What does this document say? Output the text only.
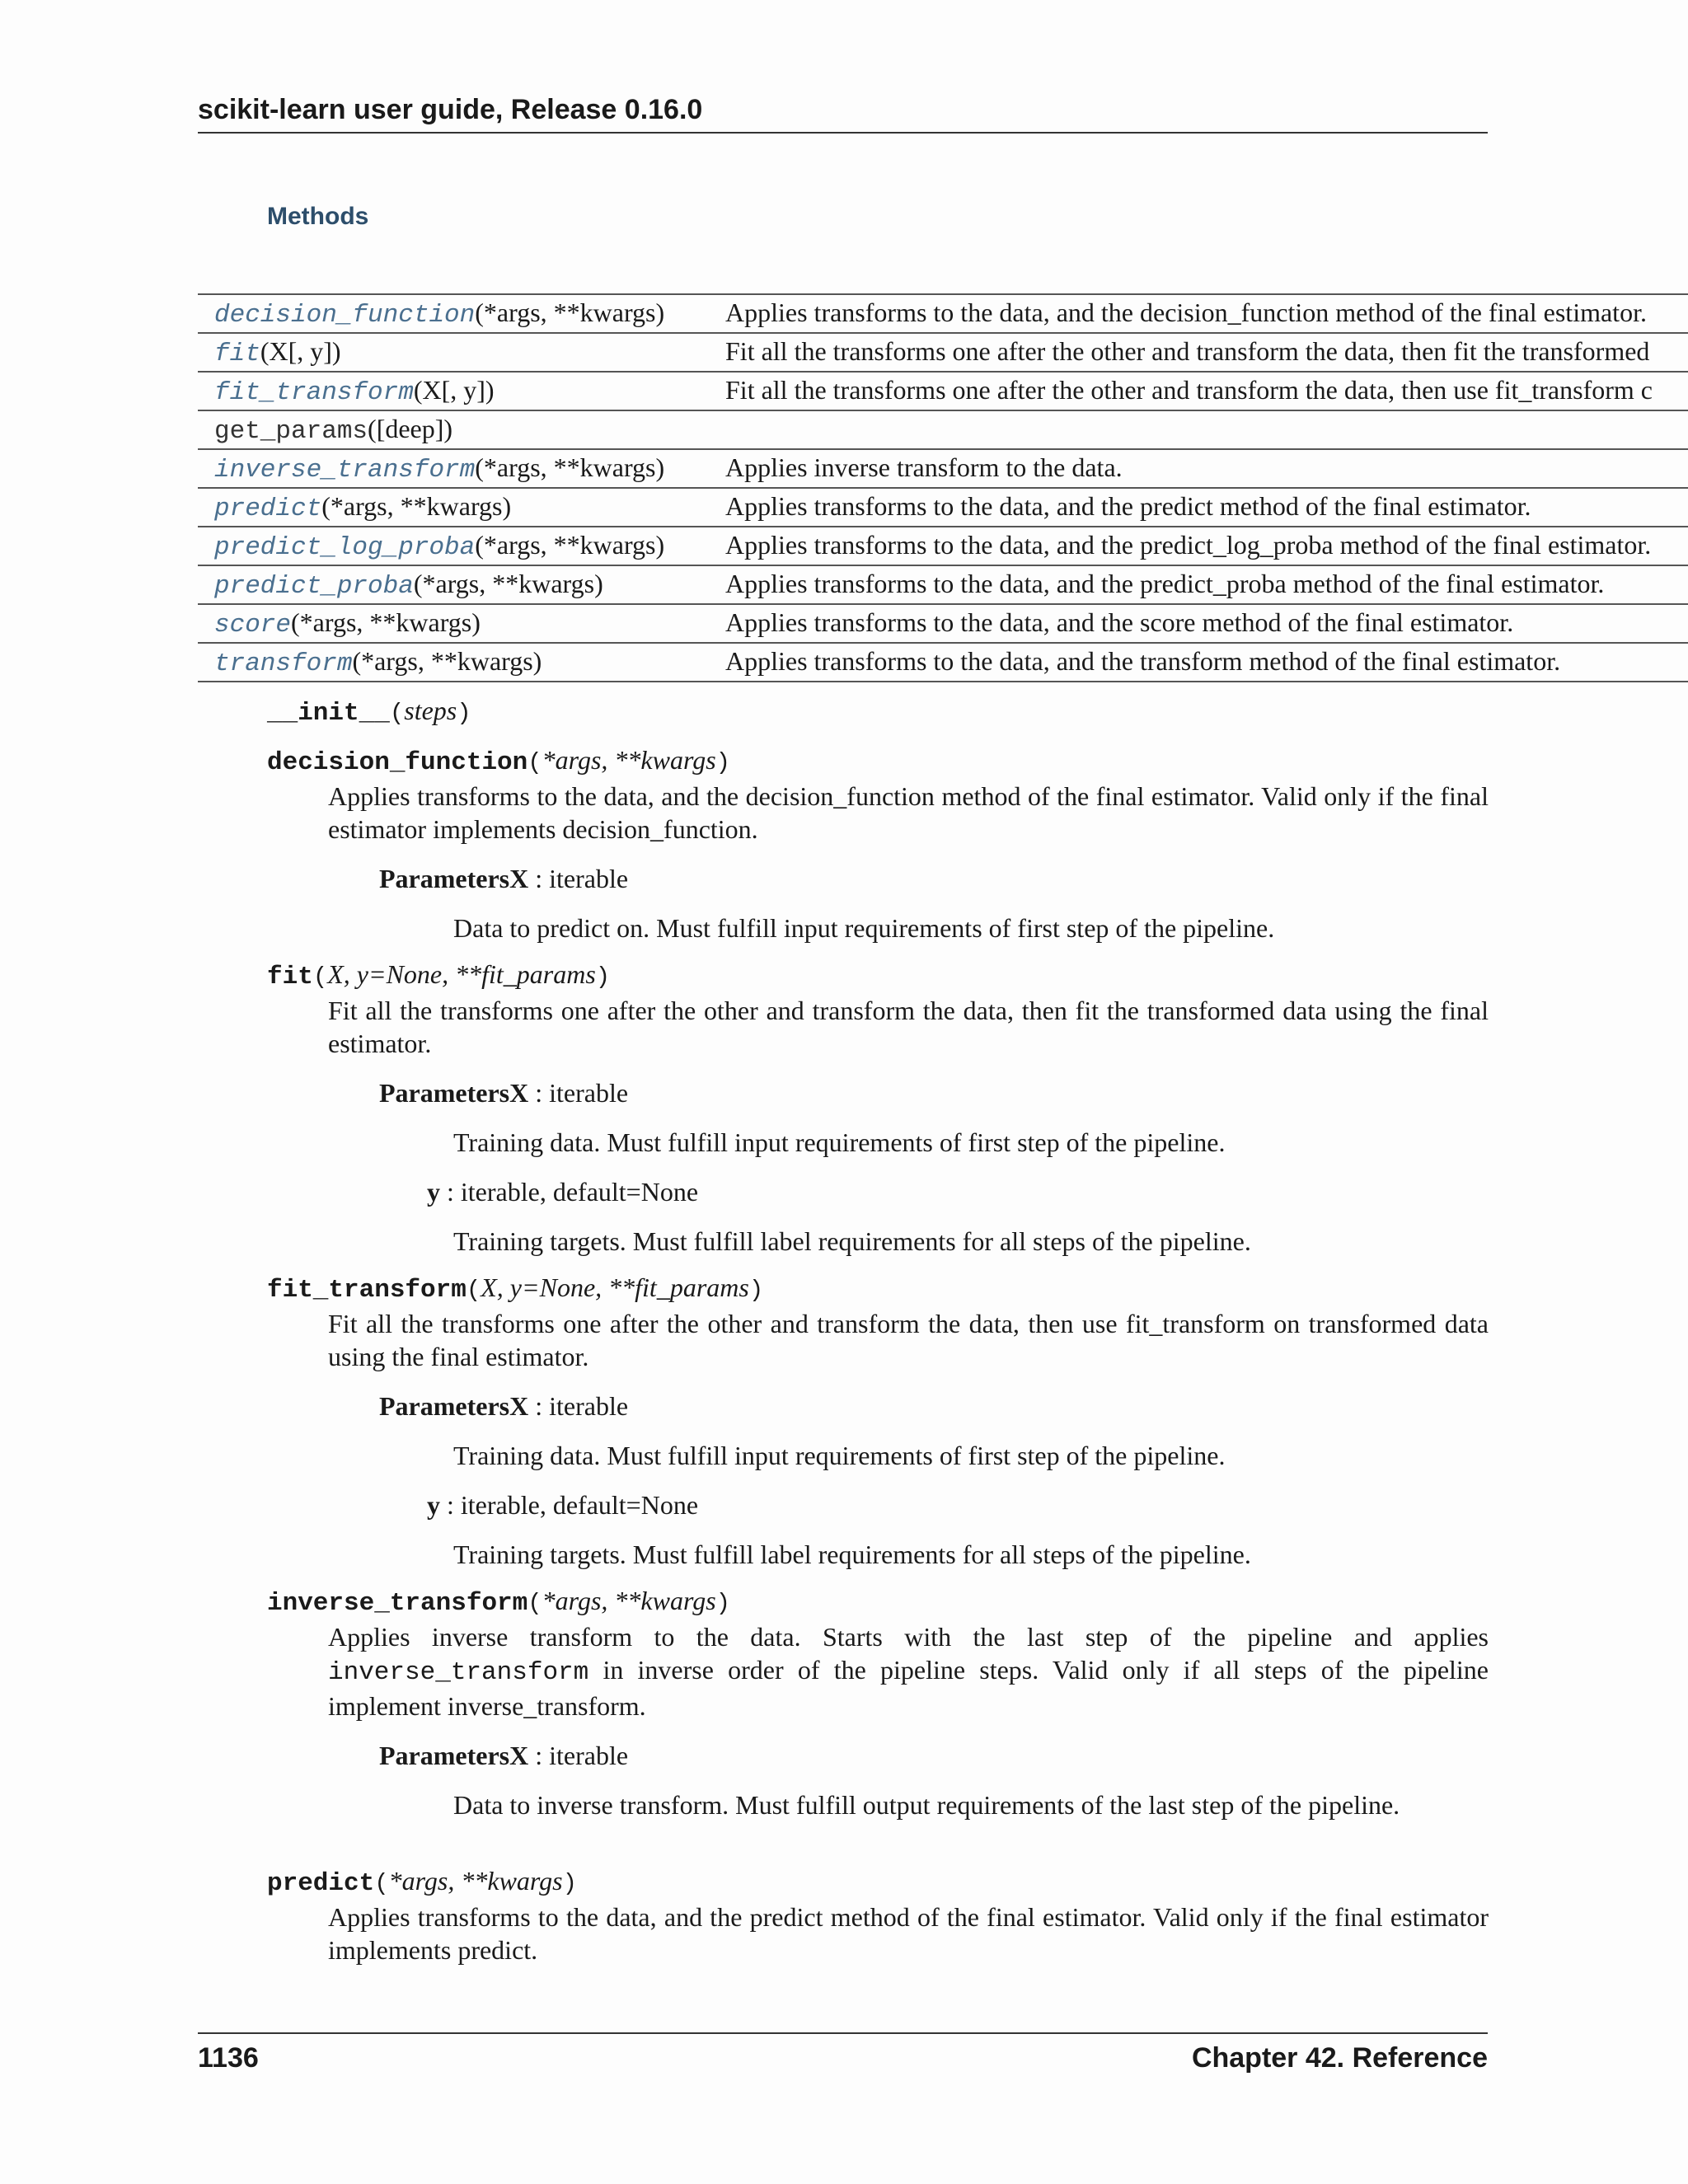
scikit-learn user guide, Release 0.16.0
Methods
decision_function(*args, **kwargs)	Applies transforms to the data, and the decision_function method of the final estimator.
fit(X[, y])	Fit all the transforms one after the other and transform the data, then fit the transformed
fit_transform(X[, y])	Fit all the transforms one after the other and transform the data, then use fit_transform c
get_params([deep])	
inverse_transform(*args, **kwargs)	Applies inverse transform to the data.
predict(*args, **kwargs)	Applies transforms to the data, and the predict method of the final estimator.
predict_log_proba(*args, **kwargs)	Applies transforms to the data, and the predict_log_proba method of the final estimator.
predict_proba(*args, **kwargs)	Applies transforms to the data, and the predict_proba method of the final estimator.
score(*args, **kwargs)	Applies transforms to the data, and the score method of the final estimator.
transform(*args, **kwargs)	Applies transforms to the data, and the transform method of the final estimator.
__init__(steps)
decision_function(*args, **kwargs)
Applies transforms to the data, and the decision_function method of the final estimator. Valid only if the final estimator implements decision_function.
ParametersX : iterable
Data to predict on. Must fulfill input requirements of first step of the pipeline.
fit(X, y=None, **fit_params)
Fit all the transforms one after the other and transform the data, then fit the transformed data using the final estimator.
ParametersX : iterable
Training data. Must fulfill input requirements of first step of the pipeline.
y : iterable, default=None
Training targets. Must fulfill label requirements for all steps of the pipeline.
fit_transform(X, y=None, **fit_params)
Fit all the transforms one after the other and transform the data, then use fit_transform on transformed data using the final estimator.
ParametersX : iterable
Training data. Must fulfill input requirements of first step of the pipeline.
y : iterable, default=None
Training targets. Must fulfill label requirements for all steps of the pipeline.
inverse_transform(*args, **kwargs)
Applies inverse transform to the data. Starts with the last step of the pipeline and applies inverse_transform in inverse order of the pipeline steps. Valid only if all steps of the pipeline implement inverse_transform.
ParametersX : iterable
Data to inverse transform. Must fulfill output requirements of the last step of the pipeline.
predict(*args, **kwargs)
Applies transforms to the data, and the predict method of the final estimator. Valid only if the final estimator implements predict.
1136	Chapter 42. Reference
